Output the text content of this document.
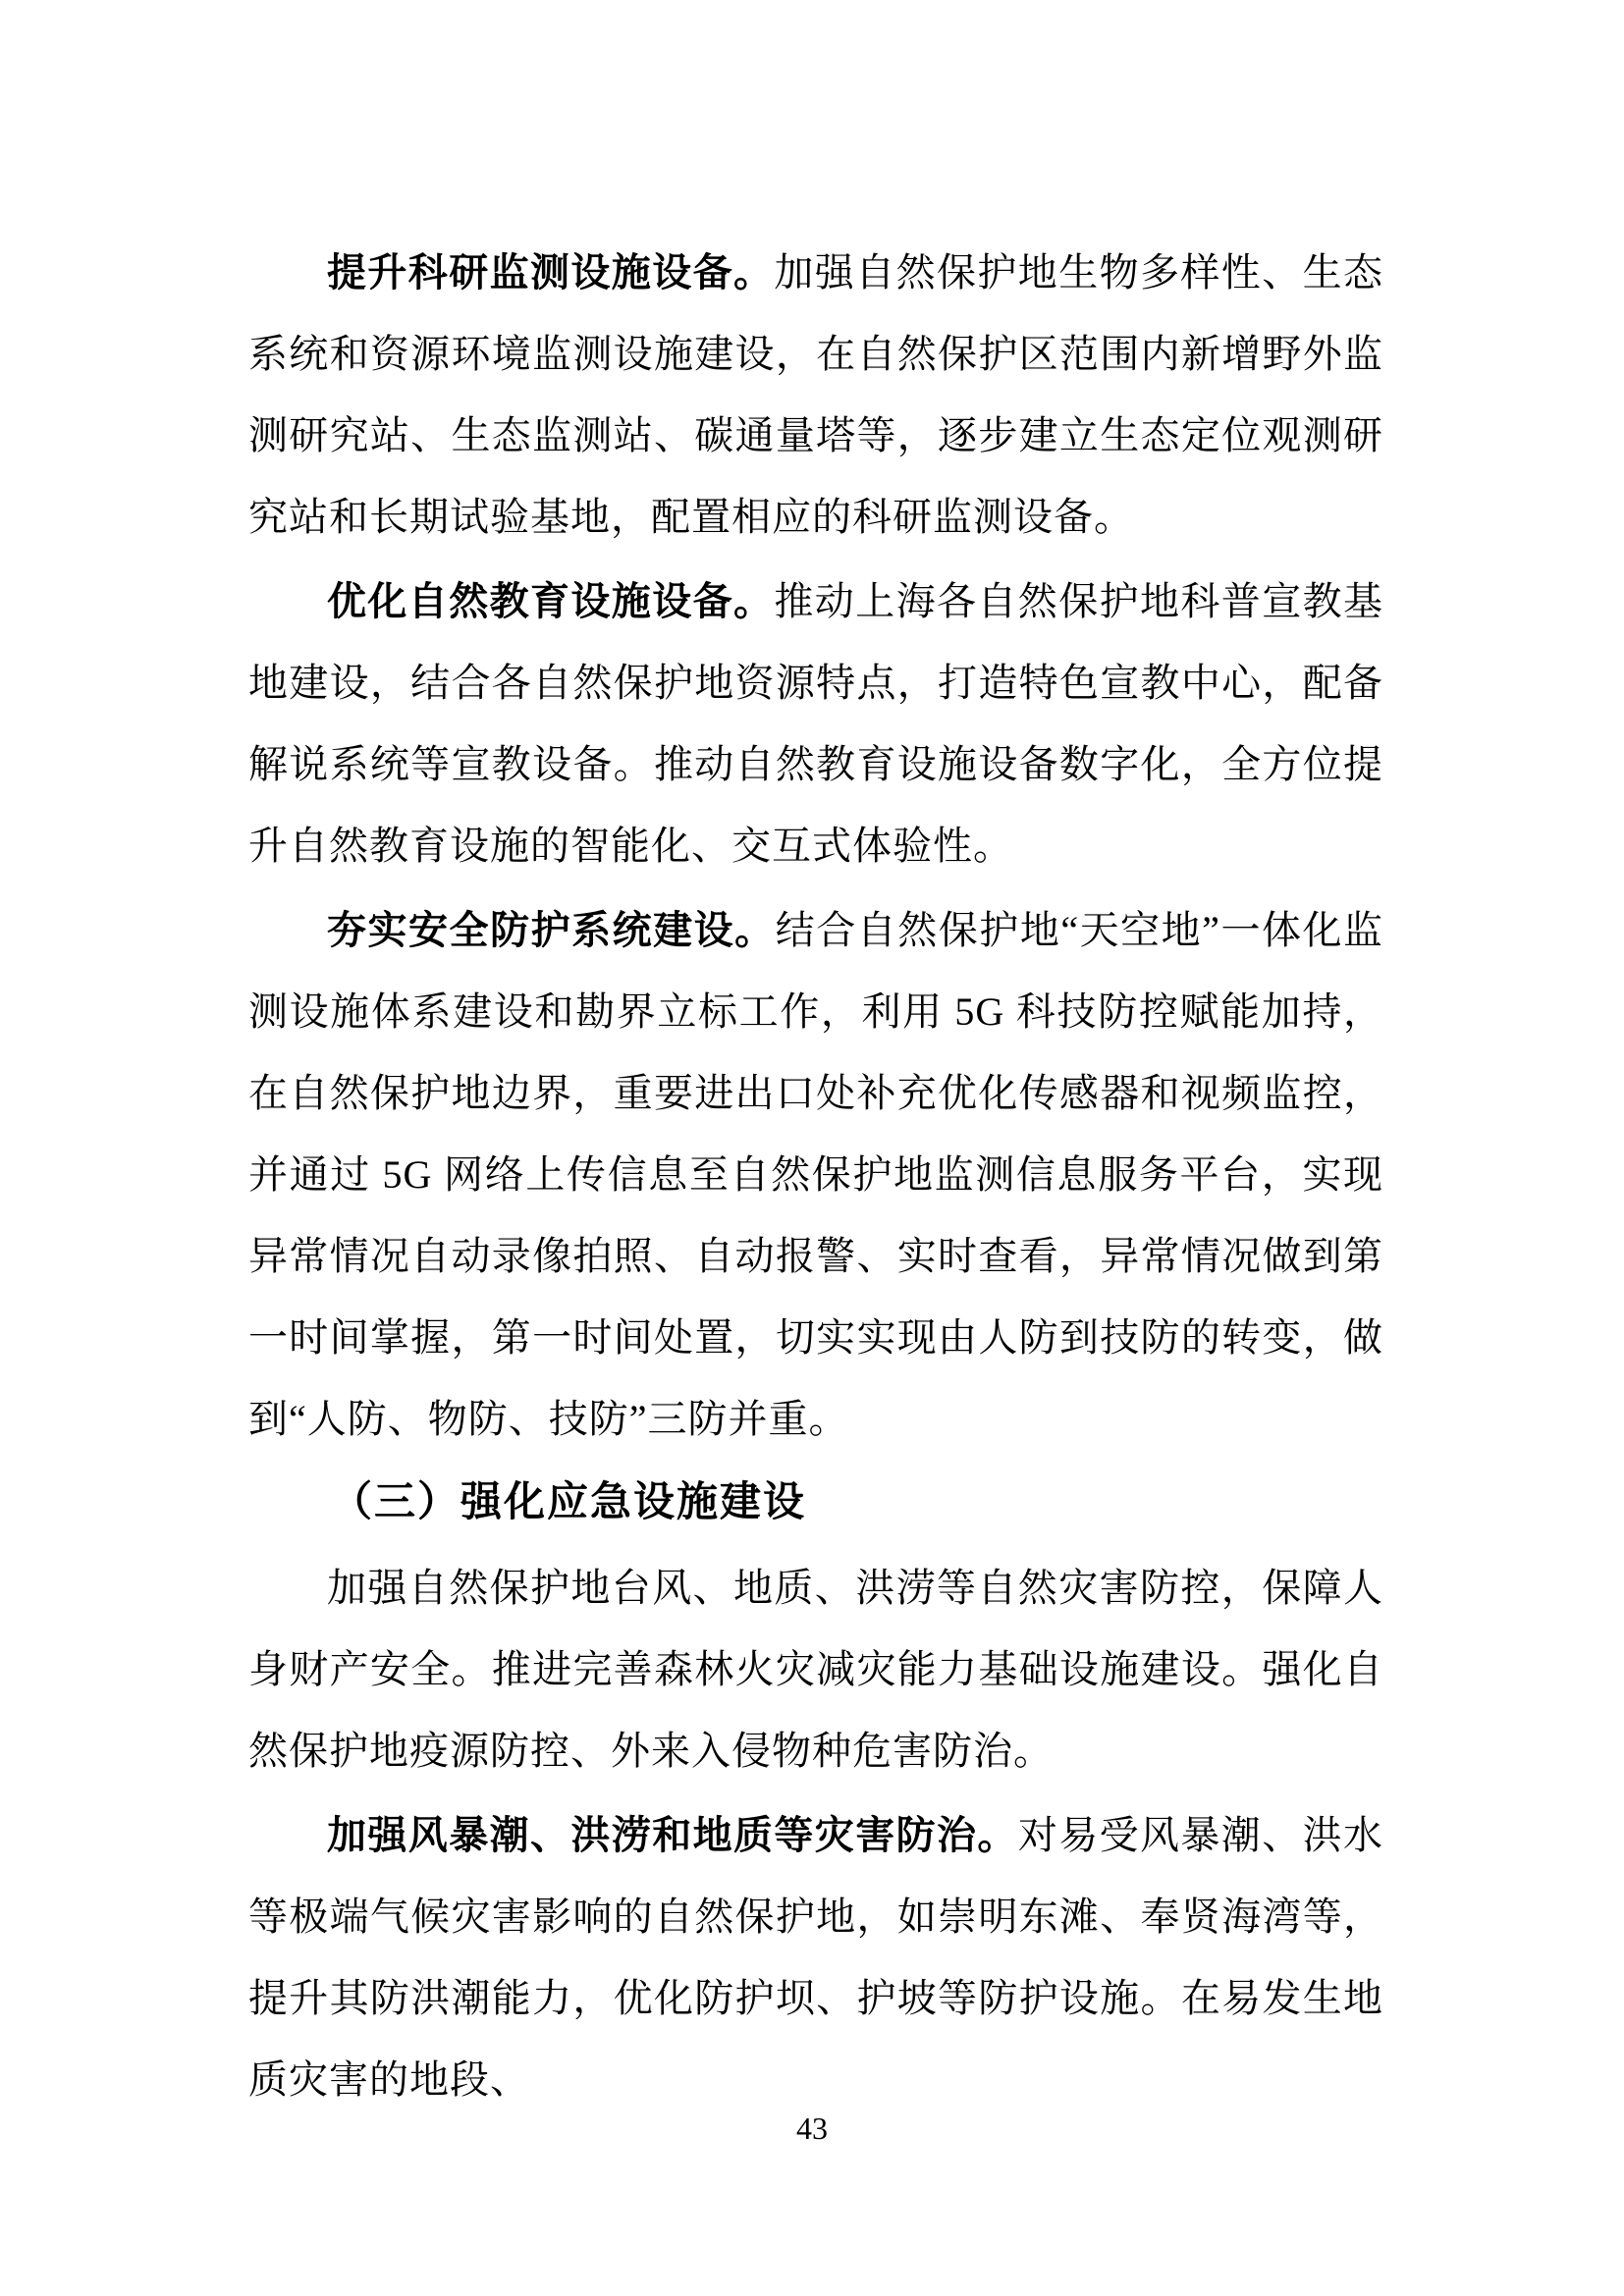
提升科研监测设施设备。加强自然保护地生物多样性、生态系统和资源环境监测设施建设，在自然保护区范围内新增野外监测研究站、生态监测站、碳通量塔等，逐步建立生态定位观测研究站和长期试验基地，配置相应的科研监测设备。

优化自然教育设施设备。推动上海各自然保护地科普宣教基地建设，结合各自然保护地资源特点，打造特色宣教中心，配备解说系统等宣教设备。推动自然教育设施设备数字化，全方位提升自然教育设施的智能化、交互式体验性。

夯实安全防护系统建设。结合自然保护地“天空地”一体化监测设施体系建设和勘界立标工作，利用 5G 科技防控赋能加持，在自然保护地边界，重要进出口处补充优化传感器和视频监控，并通过 5G 网络上传信息至自然保护地监测信息服务平台，实现异常情况自动录像拍照、自动报警、实时查看，异常情况做到第一时间掌握，第一时间处置，切实实现由人防到技防的转变，做到“人防、物防、技防”三防并重。

（三）强化应急设施建设

加强自然保护地台风、地质、洪涝等自然灾害防控，保障人身财产安全。推进完善森林火灾减灾能力基础设施建设。强化自然保护地疫源防控、外来入侵物种危害防治。

加强风暴潮、洪涝和地质等灾害防治。对易受风暴潮、洪水等极端气候灾害影响的自然保护地，如崇明东滩、奉贤海湾等，提升其防洪潮能力，优化防护坝、护坡等防护设施。在易发生地质灾害的地段、

43
